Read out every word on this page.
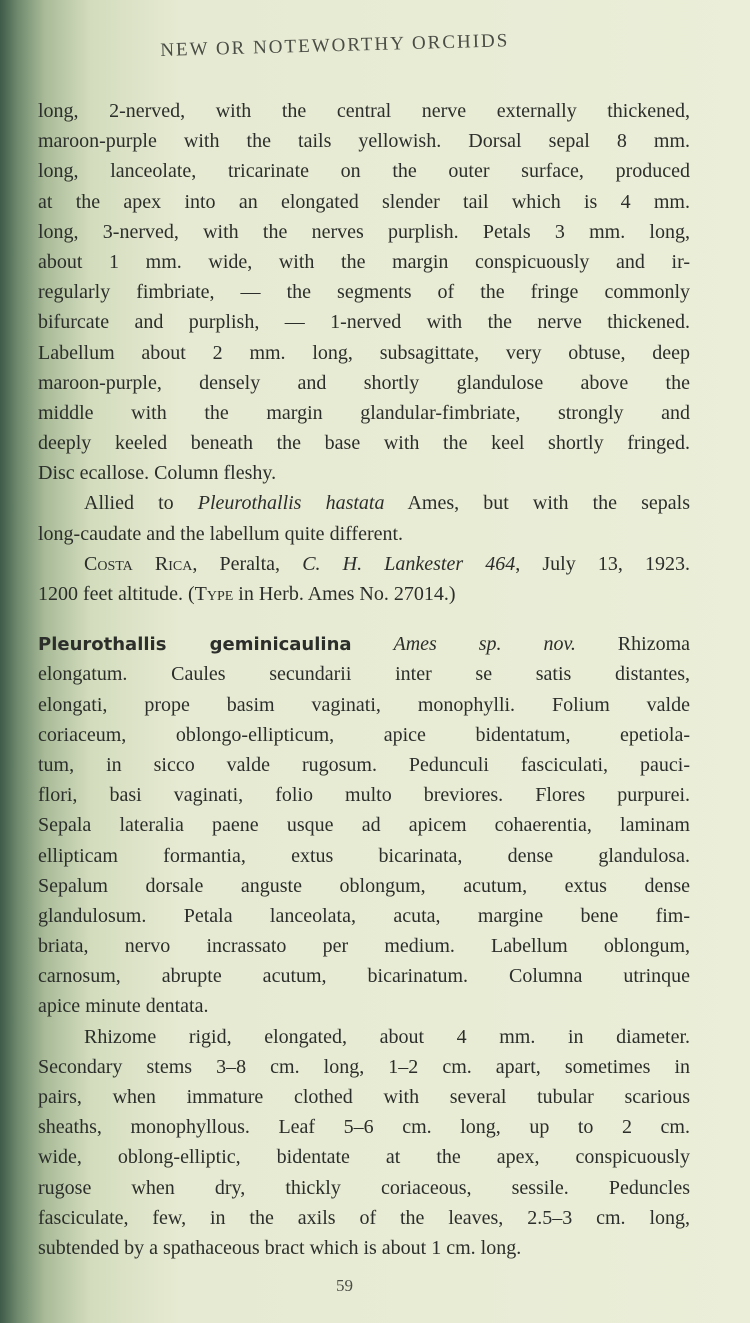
NEW OR NOTEWORTHY ORCHIDS
long, 2-nerved, with the central nerve externally thickened,
maroon-purple with the tails yellowish. Dorsal sepal 8 mm.
long, lanceolate, tricarinate on the outer surface, produced
at the apex into an elongated slender tail which is 4 mm.
long, 3-nerved, with the nerves purplish. Petals 3 mm. long,
about 1 mm. wide, with the margin conspicuously and ir-
regularly fimbriate, — the segments of the fringe commonly
bifurcate and purplish, — 1-nerved with the nerve thickened.
Labellum about 2 mm. long, subsagittate, very obtuse, deep
maroon-purple, densely and shortly glandulose above the
middle with the margin glandular-fimbriate, strongly and
deeply keeled beneath the base with the keel shortly fringed.
Disc ecallose. Column fleshy.
Allied to Pleurothallis hastata Ames, but with the sepals
long-caudate and the labellum quite different.
Costa Rica, Peralta, C. H. Lankester 464, July 13, 1923.
1200 feet altitude. (Type in Herb. Ames No. 27014.)
Pleurothallis geminicaulina Ames sp. nov. Rhizoma
elongatum. Caules secundarii inter se satis distantes,
elongati, prope basim vaginati, monophylli. Folium valde
coriaceum, oblongo-ellipticum, apice bidentatum, epetiola-
tum, in sicco valde rugosum. Pedunculi fasciculati, pauci-
flori, basi vaginati, folio multo breviores. Flores purpurei.
Sepala lateralia paene usque ad apicem cohaerentia, laminam
ellipticam formantia, extus bicarinata, dense glandulosa.
Sepalum dorsale anguste oblongum, acutum, extus dense
glandulosum. Petala lanceolata, acuta, margine bene fim-
briata, nervo incrassato per medium. Labellum oblongum,
carnosum, abrupte acutum, bicarinatum. Columna utrinque
apice minute dentata.
Rhizome rigid, elongated, about 4 mm. in diameter.
Secondary stems 3–8 cm. long, 1–2 cm. apart, sometimes in
pairs, when immature clothed with several tubular scarious
sheaths, monophyllous. Leaf 5–6 cm. long, up to 2 cm.
wide, oblong-elliptic, bidentate at the apex, conspicuously
rugose when dry, thickly coriaceous, sessile. Peduncles
fasciculate, few, in the axils of the leaves, 2.5–3 cm. long,
subtended by a spathaceous bract which is about 1 cm. long.
59
